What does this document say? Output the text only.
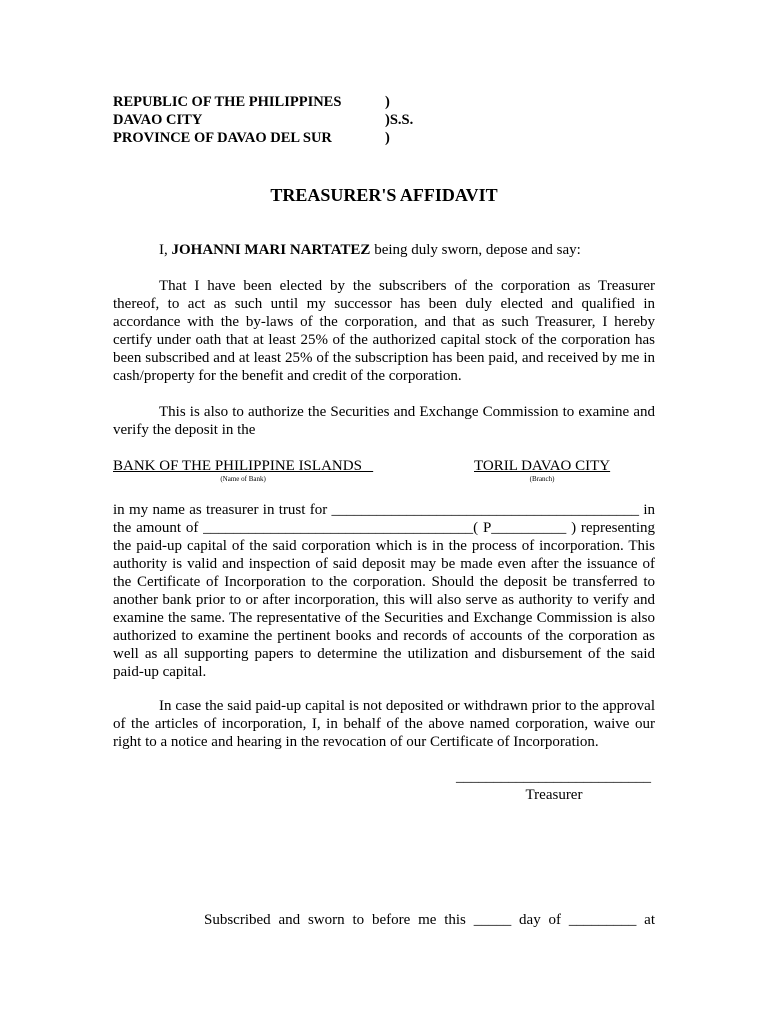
REPUBLIC OF THE PHILIPPINES	)
DAVAO CITY	)S.S.
PROVINCE OF DAVAO DEL SUR	)
TREASURER'S AFFIDAVIT
I, JOHANNI MARI NARTATEZ being duly sworn, depose and say:
That I have been elected by the subscribers of the corporation as Treasurer thereof, to act as such until my successor has been duly elected and qualified in accordance with the by-laws of the corporation, and that as such Treasurer, I hereby certify under oath that at least 25% of the authorized capital stock of the corporation has been subscribed and at least 25% of the subscription has been paid, and received by me in cash/property for the benefit and credit of the corporation.
This is also to authorize the Securities and Exchange Commission to examine and verify the deposit in the
BANK OF THE PHILIPPINE ISLANDS
(Name of Bank)
TORIL DAVAO CITY
(Branch)
in my name as treasurer in trust for _________________________________________ in the amount of ____________________________________( P__________ ) representing the paid-up capital of the said corporation which is in the process of incorporation. This authority is valid and inspection of said deposit may be made even after the issuance of the Certificate of Incorporation to the corporation. Should the deposit be transferred to another bank prior to or after incorporation, this will also serve as authority to verify and examine the same. The representative of the Securities and Exchange Commission is also authorized to examine the pertinent books and records of accounts of the corporation as well as all supporting papers to determine the utilization and disbursement of the said paid-up capital.
In case the said paid-up capital is not deposited or withdrawn prior to the approval of the articles of incorporation, I, in behalf of the above named corporation, waive our right to a notice and hearing in the revocation of our Certificate of Incorporation.
__________________________
Treasurer
Subscribed and sworn to before me this _____ day of _________ at
